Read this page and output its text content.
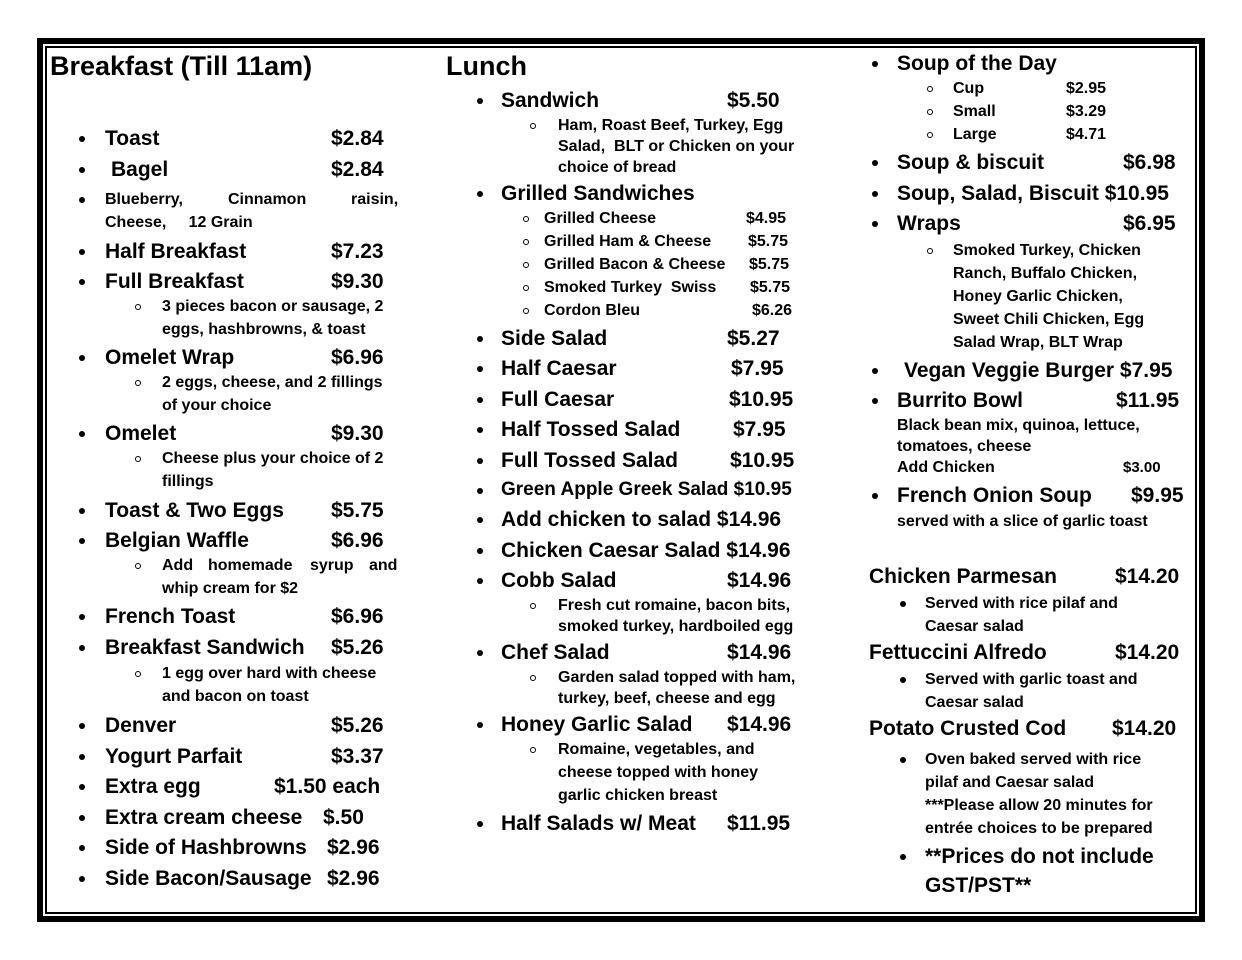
Breakfast (Till 11am)
Toast	$2.84
Bagel	$2.84
Blueberry,	Cinnamon	raisin,
Cheese,     12 Grain
Half Breakfast	$7.23
Full Breakfast	$9.30
3 pieces bacon or sausage, 2
eggs, hashbrowns, & toast
Omelet Wrap	$6.96
2 eggs, cheese, and 2 fillings
of your choice
Omelet	$9.30
Cheese plus your choice of 2
fillings
Toast & Two Eggs $5.75
Belgian Waffle	$6.96
Add homemade syrup and
whip cream for $2
French Toast	$6.96
Breakfast Sandwich $5.26
1 egg over hard with cheese
and bacon on toast
Denver	$5.26
Yogurt Parfait	$3.37
Extra egg	$1.50 each
Extra cream cheese $.50
Side of Hashbrowns $2.96
Side Bacon/Sausage $2.96
Lunch
Sandwich	$5.50
Ham, Roast Beef, Turkey, Egg
Salad,  BLT or Chicken on your
choice of bread
Grilled Sandwiches
Grilled Cheese	$4.95
Grilled Ham & Cheese $5.75
Grilled Bacon & Cheese $5.75
Smoked Turkey  Swiss $5.75
Cordon Bleu	$6.26
Side Salad	$5.27
Half Caesar	$7.95
Full Caesar	$10.95
Half Tossed Salad	$7.95
Full Tossed Salad $10.95
Green Apple Greek Salad $10.95
Add chicken to salad $14.96
Chicken Caesar Salad $14.96
Cobb Salad	$14.96
Fresh cut romaine, bacon bits,
smoked turkey, hardboiled egg
Chef Salad	$14.96
Garden salad topped with ham,
turkey, beef, cheese and egg
Honey Garlic Salad $14.96
Romaine, vegetables, and
cheese topped with honey
garlic chicken breast
Half Salads w/ Meat $11.95
Soup of the Day
Cup	$2.95
Small	$3.29
Large	$4.71
Soup & biscuit	$6.98
Soup, Salad, Biscuit $10.95
Wraps	$6.95
Smoked Turkey, Chicken
Ranch, Buffalo Chicken,
Honey Garlic Chicken,
Sweet Chili Chicken, Egg
Salad Wrap, BLT Wrap
Vegan Veggie Burger $7.95
Burrito Bowl	$11.95
Black bean mix, quinoa, lettuce,
tomatoes, cheese
Add Chicken	$3.00
French Onion Soup $9.95
served with a slice of garlic toast
Chicken Parmesan	$14.20
Served with rice pilaf and
Caesar salad
Fettuccini Alfredo	$14.20
Served with garlic toast and
Caesar salad
Potato Crusted Cod $14.20
Oven baked served with rice
pilaf and Caesar salad
***Please allow 20 minutes for
entrée choices to be prepared
**Prices do not include
GST/PST**
